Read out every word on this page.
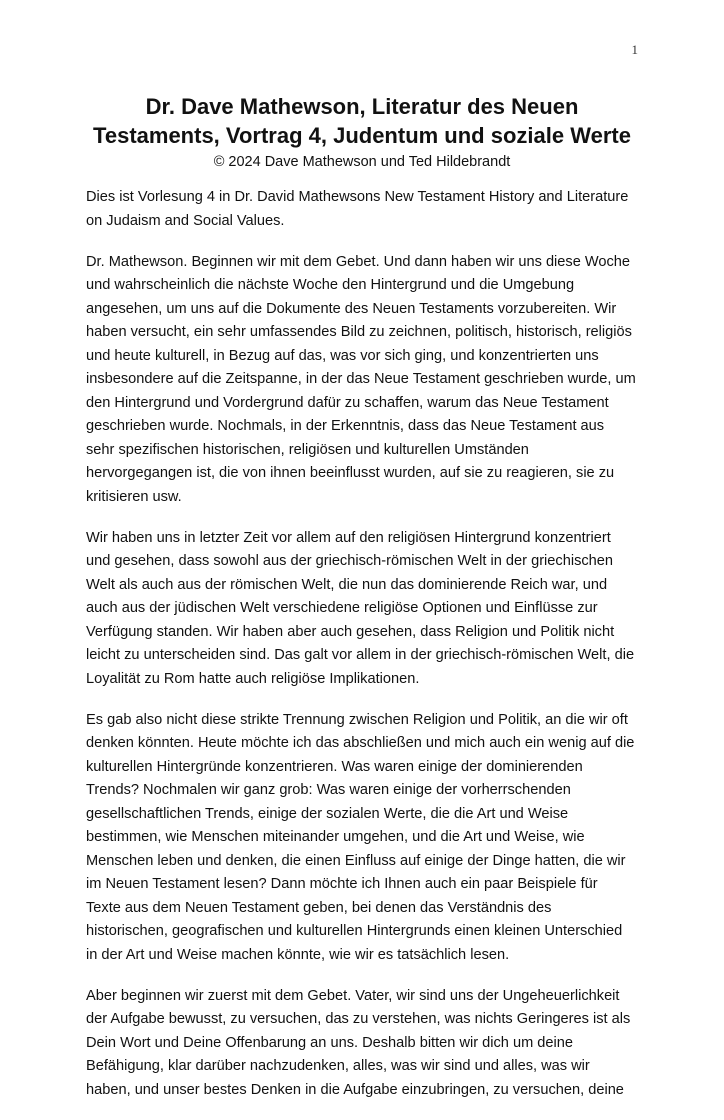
1
Dr. Dave Mathewson, Literatur des Neuen Testaments, Vortrag 4, Judentum und soziale Werte
© 2024 Dave Mathewson und Ted Hildebrandt

Dies ist Vorlesung 4 in Dr. David Mathewsons New Testament History and Literature on Judaism and Social Values.

Dr. Mathewson. Beginnen wir mit dem Gebet. Und dann haben wir uns diese Woche und wahrscheinlich die nächste Woche den Hintergrund und die Umgebung angesehen, um uns auf die Dokumente des Neuen Testaments vorzubereiten. Wir haben versucht, ein sehr umfassendes Bild zu zeichnen, politisch, historisch, religiös und heute kulturell, in Bezug auf das, was vor sich ging, und konzentrierten uns insbesondere auf die Zeitspanne, in der das Neue Testament geschrieben wurde, um den Hintergrund und Vordergrund dafür zu schaffen, warum das Neue Testament geschrieben wurde. Nochmals, in der Erkenntnis, dass das Neue Testament aus sehr spezifischen historischen, religiösen und kulturellen Umständen hervorgegangen ist, die von ihnen beeinflusst wurden, auf sie zu reagieren, sie zu kritisieren usw.

Wir haben uns in letzter Zeit vor allem auf den religiösen Hintergrund konzentriert und gesehen, dass sowohl aus der griechisch-römischen Welt in der griechischen Welt als auch aus der römischen Welt, die nun das dominierende Reich war, und auch aus der jüdischen Welt verschiedene religiöse Optionen und Einflüsse zur Verfügung standen. Wir haben aber auch gesehen, dass Religion und Politik nicht leicht zu unterscheiden sind. Das galt vor allem in der griechisch-römischen Welt, die Loyalität zu Rom hatte auch religiöse Implikationen.

Es gab also nicht diese strikte Trennung zwischen Religion und Politik, an die wir oft denken könnten. Heute möchte ich das abschließen und mich auch ein wenig auf die kulturellen Hintergründe konzentrieren. Was waren einige der dominierenden Trends? Nochmalen wir ganz grob: Was waren einige der vorherrschenden gesellschaftlichen Trends, einige der sozialen Werte, die die Art und Weise bestimmen, wie Menschen miteinander umgehen, und die Art und Weise, wie Menschen leben und denken, die einen Einfluss auf einige der Dinge hatten, die wir im Neuen Testament lesen? Dann möchte ich Ihnen auch ein paar Beispiele für Texte aus dem Neuen Testament geben, bei denen das Verständnis des historischen, geografischen und kulturellen Hintergrunds einen kleinen Unterschied in der Art und Weise machen könnte, wie wir es tatsächlich lesen.

Aber beginnen wir zuerst mit dem Gebet. Vater, wir sind uns der Ungeheuerlichkeit der Aufgabe bewusst, zu versuchen, das zu verstehen, was nichts Geringeres ist als Dein Wort und Deine Offenbarung an uns. Deshalb bitten wir dich um deine Befähigung, klar darüber nachzudenken, alles, was wir sind und alles, was wir haben, und unser bestes Denken in die Aufgabe einzubringen, zu versuchen, deine
